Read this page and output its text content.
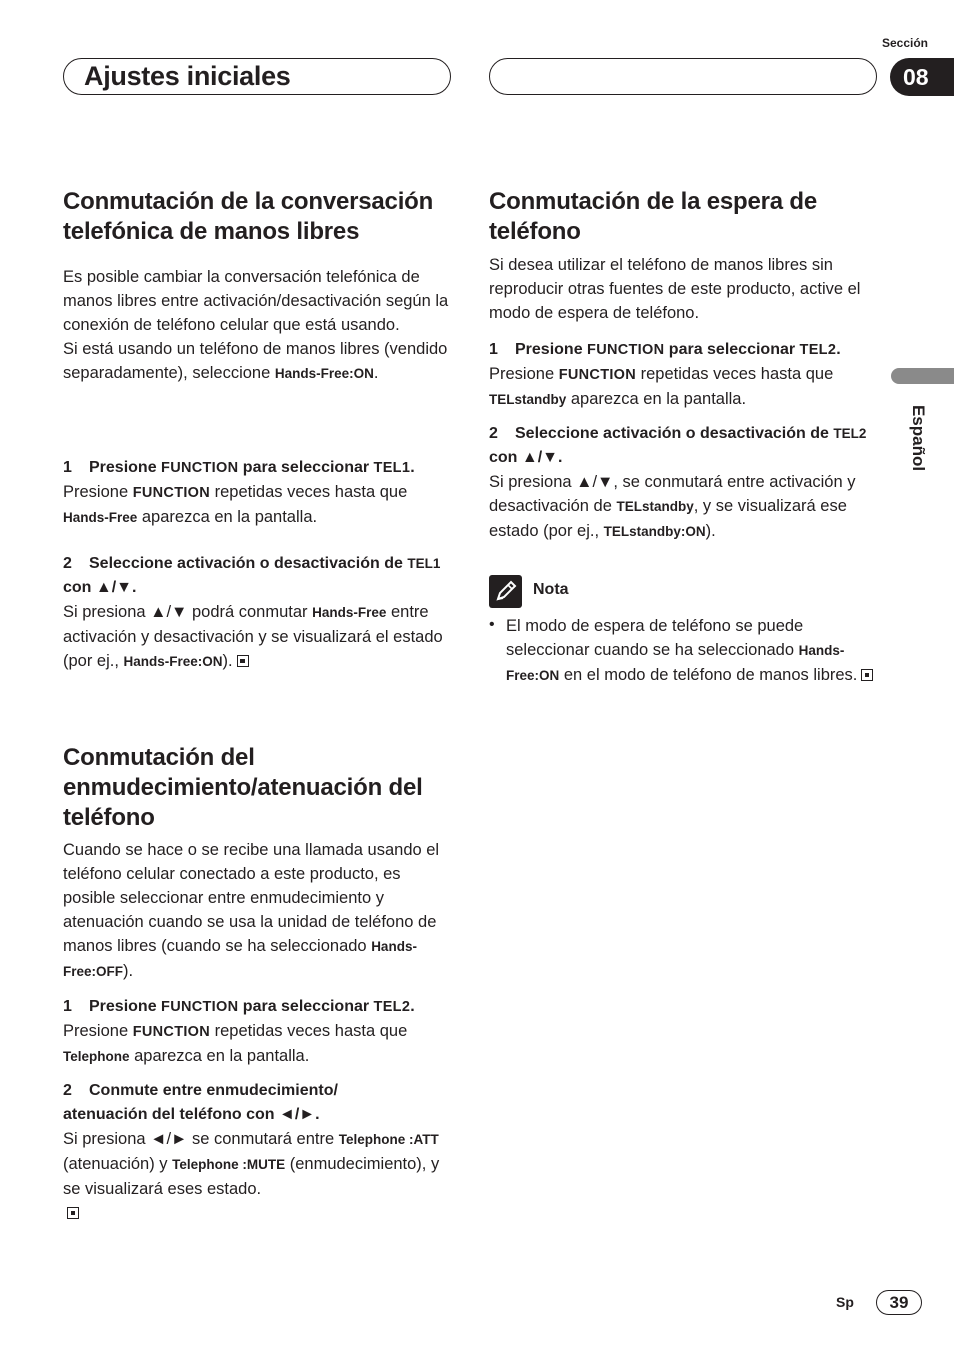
Ajustes iniciales
Sección
08
Español
Conmutación de la conversación telefónica de manos libres
Es posible cambiar la conversación telefónica de manos libres entre activación/desactivación según la conexión de teléfono celular que está usando.
Si está usando un teléfono de manos libres (vendido separadamente), seleccione Hands-Free:ON.
1 Presione FUNCTION para seleccionar TEL1.
Presione FUNCTION repetidas veces hasta que Hands-Free aparezca en la pantalla.
2 Seleccione activación o desactivación de TEL1 con ▲/▼.
Si presiona ▲/▼ podrá conmutar Hands-Free entre activación y desactivación y se visualizará el estado (por ej., Hands-Free:ON).
Conmutación del enmudecimiento/atenuación del teléfono
Cuando se hace o se recibe una llamada usando el teléfono celular conectado a este producto, es posible seleccionar entre enmudecimiento y atenuación cuando se usa la unidad de teléfono de manos libres (cuando se ha seleccionado Hands-Free:OFF).
1 Presione FUNCTION para seleccionar TEL2.
Presione FUNCTION repetidas veces hasta que Telephone aparezca en la pantalla.
2 Conmute entre enmudecimiento/ atenuación del teléfono con ◄/►.
Si presiona ◄/► se conmutará entre Telephone :ATT (atenuación) y Telephone :MUTE (enmudecimiento), y se visualizará eses estado.

Conmutación de la espera de teléfono
Si desea utilizar el teléfono de manos libres sin reproducir otras fuentes de este producto, active el modo de espera de teléfono.
1 Presione FUNCTION para seleccionar TEL2.
Presione FUNCTION repetidas veces hasta que TELstandby aparezca en la pantalla.
2 Seleccione activación o desactivación de TEL2 con ▲/▼.
Si presiona ▲/▼, se conmutará entre activación y desactivación de TELstandby, y se visualizará ese estado (por ej., TELstandby:ON).
Nota
• El modo de espera de teléfono se puede seleccionar cuando se ha seleccionado Hands-Free:ON en el modo de teléfono de manos libres.
Sp	39
